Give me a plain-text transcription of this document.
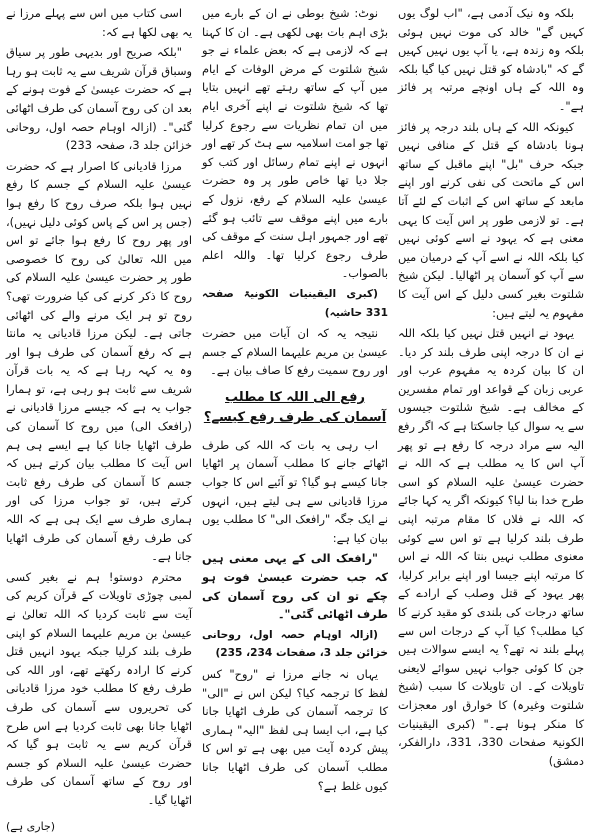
بلکہ وہ نیک آدمی ہے، "اب لوگ یوں کہیں گے" خالد کی موت نہیں ہوئی بلکہ وہ زندہ ہے، یا آپ یوں نہیں کہیں گے کہ "بادشاہ کو قتل نہیں کیا گیا بلکہ وہ اللہ کے ہاں اونچے مرتبہ پر فائز ہے"۔

کیونکہ اللہ کے ہاں بلند درجہ پر فائز ہونا بادشاہ کے قتل کے منافی نہیں جبکہ حرف "بل" اپنے ماقبل کے ساتھ اس کے ماتحت کی نفی کرنے اور اپنے مابعد کے ساتھ اس کے اثبات کے لئے آتا ہے۔ تو لازمی طور پر اس آیت کا یہی معنی ہے کہ یہود نے اسے کوئی نہیں کیا بلکہ اللہ نے اسے آپ کے درمیان میں سے آپ کو آسمان پر اٹھالیا۔ لیکن شیخ شلتوت بغیر کسی دلیل کے اس آیت کا مفہوم یہ لیتے ہیں:

یہود نے انہیں قتل نہیں کیا بلکہ اللہ نے ان کا درجہ اپنی طرف بلند کر دیا۔ ان کا بیان کردہ یہ مفہوم عرب اور عربی زبان کے قواعد اور تمام مفسرین کے مخالف ہے۔ شیخ شلتوت جیسوں سے یہ سوال کیا جاسکتا ہے کہ اگر رفع الیہ سے مراد درجہ کا رفع ہے تو پھر آپ اس کا یہ مطلب ہے کہ اللہ نے حضرت عیسیٰ علیہ السلام کو اسی طرح خدا بنا لیا؟ کیونکہ اگر یہ کہا جائے کہ اللہ نے فلاں کا مقام مرتبہ اپنی طرف بلند کرلیا ہے تو اس سے کوئی معنوی مطلب نہیں بنتا کہ اللہ نے اس کا مرتبہ اپنے جیسا اور اپنے برابر کرلیا، پھر یہود کے قتل وصلب کے ارادے کے ساتھ درجات کی بلندی کو مقید کرنے کا کیا مطلب؟ کیا آپ کے درجات اس سے پہلے بلند نہ تھے؟ یہ ایسے سوالات ہیں جن کا کوئی جواب نہیں سوائے لایعنی تاویلات کے۔ ان تاویلات کا سبب (شیخ شلتوت وغیرہ) کا خوارق اور معجزات کا منکر ہونا ہے۔" (کبری الیقینیات الکونیۃ صفحات 330، 331، دارالفکر، دمشق)

نوٹ: شیخ بوطی نے ان کے بارے میں بڑی اہم بات بھی لکھی ہے۔ ان کا کہنا ہے کہ لازمی ہے کہ بعض علماء نے جو شیخ شلتوت کے مرض الوفات کے ایام میں آپ کے ساتھ رہتے تھے انہیں بتایا تھا کہ شیخ شلتوت نے اپنے آخری ایام میں ان تمام نظریات سے رجوع کرلیا تھا جو امت اسلامیہ سے ہٹ کر تھے اور انہوں نے اپنے تمام رسائل اور کتب کو جلا دیا تھا خاص طور پر وہ حضرت عیسیٰ علیہ السلام کے رفع، نزول کے بارے میں اپنے موقف سے تائب ہو گئے تھے اور جمہور اہل سنت کے موقف کی طرف رجوع کرلیا تھا۔ واللہ اعلم بالصواب۔

(کبری الیقینیات الکونیۃ صفحہ 331 حاشیہ)

نتیجہ یہ کہ ان آیات میں حضرت عیسیٰ بن مریم علیہما السلام کے جسم اور روح سمیت رفع کا صاف بیان ہے۔

رفع الی اللہ کا مطلب
آسمان کی طرف رفع کیسے؟

اب رہی یہ بات کہ اللہ کی طرف اٹھائے جانے کا مطلب آسمان پر اٹھایا جانا کیسے ہو گیا؟ تو آئیے اس کا جواب مرزا قادیانی سے ہی لیتے ہیں، انہوں نے ایک جگہ "رافعک الی" کا مطلب یوں بیان کیا ہے:

"رافعک الی کے یہی معنی ہیں کہ جب حضرت عیسیٰ فوت ہو چکے تو ان کی روح آسمان کی طرف اٹھائی گئی"۔

(ازالہ اوہام حصہ اول، روحانی خزائن جلد 3، صفحات 234، 235)

یہاں نہ جانے مرزا نے "روح" کس لفظ کا ترجمہ کیا؟ لیکن اس نے "الی" کا ترجمہ آسمان کی طرف اٹھایا جانا کیا ہے، اب ایسا ہی لفظ "الیہ" ہماری پیش کردہ آیت میں بھی ہے تو اس کا مطلب آسمان کی طرف اٹھایا جانا کیوں غلط ہے؟

اسی کتاب میں اس سے پہلے مرزا نے یہ بھی لکھا ہے کہ:

"بلکہ صریح اور بدیہی طور پر سیاق وسباق قرآن شریف سے یہ ثابت ہو رہا ہے کہ حضرت عیسیٰ کے فوت ہونے کے بعد ان کی روح آسمان کی طرف اٹھائی گئی"۔ (ازالہ اوہام حصہ اول، روحانی خزائن جلد 3، صفحہ 233)

مرزا قادیانی کا اصرار ہے کہ حضرت عیسیٰ علیہ السلام کے جسم کا رفع نہیں ہوا بلکہ صرف روح کا رفع ہوا (جس پر اس کے پاس کوئی دلیل نہیں)، اور پھر روح کا رفع ہوا جائے تو اس میں اللہ تعالیٰ کی روح کا خصوصی طور پر حضرت عیسیٰ علیہ السلام کی روح کا ذکر کرنے کی کیا ضرورت تھی؟ روح تو ہر ایک مرنے والے کی اٹھائی جاتی ہے۔ لیکن مرزا قادیانی یہ مانتا ہے کہ رفع آسمان کی طرف ہوا اور وہ یہ کہہ رہا ہے کہ یہ بات قرآن شریف سے ثابت ہو رہی ہے، تو ہمارا جواب یہ ہے کہ جیسے مرزا قادیانی نے (رافعک الی) میں روح کا آسمان کی طرف اٹھایا جانا کیا ہے ایسے ہی ہم اس آیت کا مطلب بیان کرتے ہیں کہ جسم کا آسمان کی طرف رفع ثابت کرتے ہیں، تو جواب مرزا کی اور ہماری طرف سے ایک ہی ہے کہ اللہ کی طرف رفع آسمان کی طرف اٹھایا جانا ہے۔

محترم دوستو! ہم نے بغیر کسی لمبی چوڑی تاویلات کے قرآن کریم کی آیت سے ثابت کردیا کہ اللہ تعالیٰ نے عیسیٰ بن مریم علیہما السلام کو اپنی طرف بلند کرلیا جبکہ یہود انہیں قتل کرنے کا ارادہ رکھتے تھے، اور اللہ کی طرف رفع کا مطلب خود مرزا قادیانی کی تحریروں سے آسمان کی طرف اٹھایا جانا بھی ثابت کردیا ہے اس طرح قرآن کریم سے یہ ثابت ہو گیا کہ حضرت عیسیٰ علیہ السلام کو جسم اور روح کے ساتھ آسمان کی طرف اٹھایا گیا۔

(جاری ہے)
